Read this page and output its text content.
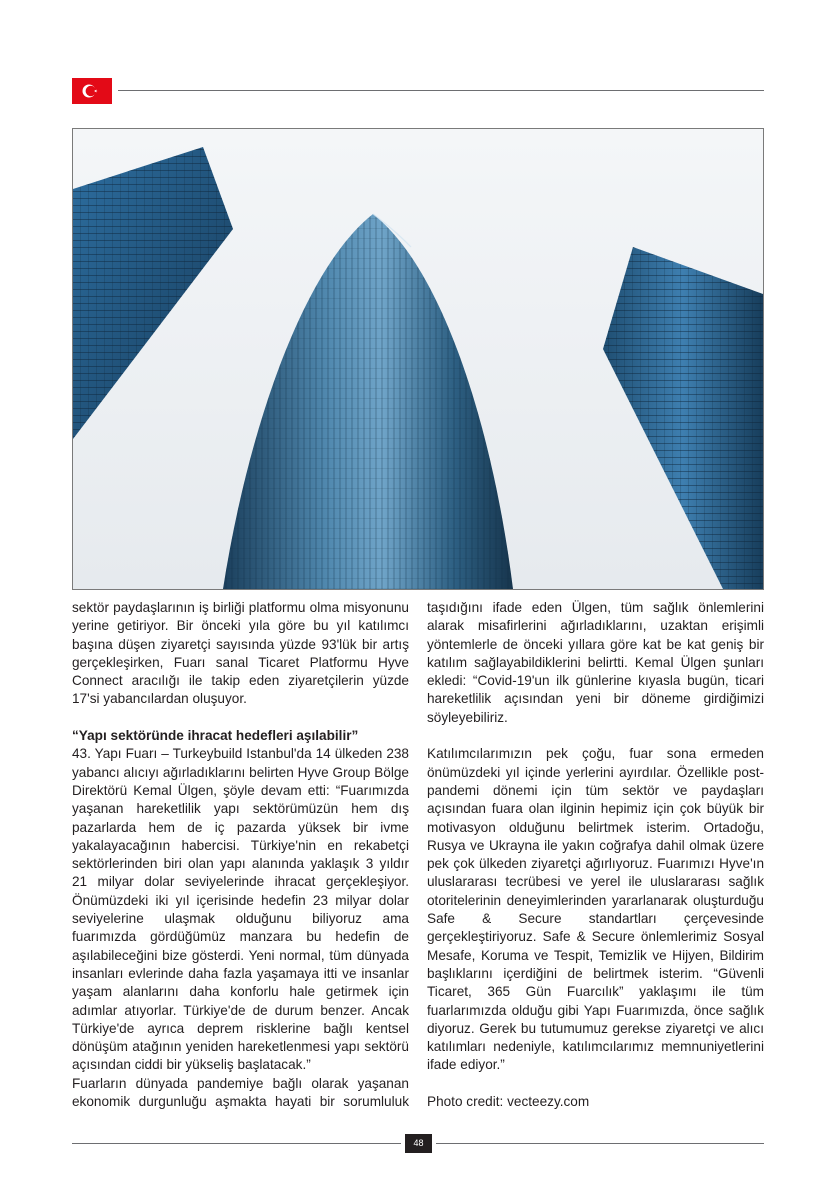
sektör paydaşlarının iş birliği platformu olma misyonunu yerine getiriyor. Bir önceki yıla göre bu yıl katılımcı başına düşen ziyaretçi sayısında yüzde 93'lük bir artış gerçekleşirken, Fuarı sanal Ticaret Platformu Hyve Connect aracılığı ile takip eden ziyaretçilerin yüzde 17'si yabancılardan oluşuyor.

“Yapı sektöründe ihracat hedefleri aşılabilir”

43. Yapı Fuarı – Turkeybuild Istanbul'da 14 ülkeden 238 yabancı alıcıyı ağırladıklarını belirten Hyve Group Bölge Direktörü Kemal Ülgen, şöyle devam etti: “Fuarımızda yaşanan hareketlilik yapı sektörümüzün hem dış pazarlarda hem de iç pazarda yüksek bir ivme yakalayacağının habercisi. Türkiye'nin en rekabetçi sektörlerinden biri olan yapı alanında yaklaşık 3 yıldır 21 milyar dolar seviyelerinde ihracat gerçekleşiyor. Önümüzdeki iki yıl içerisinde hedefin 23 milyar dolar seviyelerine ulaşmak olduğunu biliyoruz ama fuarımızda gördüğümüz manzara bu hedefin de aşılabileceğini bize gösterdi. Yeni normal, tüm dünyada insanları evlerinde daha fazla yaşamaya itti ve insanlar yaşam alanlarını daha konforlu hale getirmek için adımlar atıyorlar. Türkiye'de de durum benzer. Ancak Türkiye'de ayrıca deprem risklerine bağlı kentsel dönüşüm atağının yeniden hareketlenmesi yapı sektörü açısından ciddi bir yükseliş başlatacak.”

Fuarların dünyada pandemiye bağlı olarak yaşanan ekonomik durgunluğu aşmakta hayati bir sorumluluk

taşıdığını ifade eden Ülgen, tüm sağlık önlemlerini alarak misafirlerini ağırladıklarını, uzaktan erişimli yöntemlerle de önceki yıllara göre kat be kat geniş bir katılım sağlayabildiklerini belirtti. Kemal Ülgen şunları ekledi: “Covid-19'un ilk günlerine kıyasla bugün, ticari hareketlilik açısından yeni bir döneme girdiğimizi söyleyebiliriz.

Katılımcılarımızın pek çoğu, fuar sona ermeden önümüzdeki yıl içinde yerlerini ayırdılar. Özellikle post-pandemi dönemi için tüm sektör ve paydaşları açısından fuara olan ilginin hepimiz için çok büyük bir motivasyon olduğunu belirtmek isterim. Ortadoğu, Rusya ve Ukrayna ile yakın coğrafya dahil olmak üzere pek çok ülkeden ziyaretçi ağırlıyoruz. Fuarımızı Hyve'ın uluslararası tecrübesi ve yerel ile uluslararası sağlık otoritelerinin deneyimlerinden yararlanarak oluşturduğu Safe & Secure standartları çerçevesinde gerçekleştiriyoruz. Safe & Secure önlemlerimiz Sosyal Mesafe, Koruma ve Tespit, Temizlik ve Hijyen, Bildirim başlıklarını içerdiğini de belirtmek isterim. “Güvenli Ticaret, 365 Gün Fuarcılık” yaklaşımı ile tüm fuarlarımızda olduğu gibi Yapı Fuarımızda, önce sağlık diyoruz. Gerek bu tutumumuz gerekse ziyaretçi ve alıcı katılımları nedeniyle, katılımcılarımız memnuniyetlerini ifade ediyor.”

Photo credit: vecteezy.com

48
